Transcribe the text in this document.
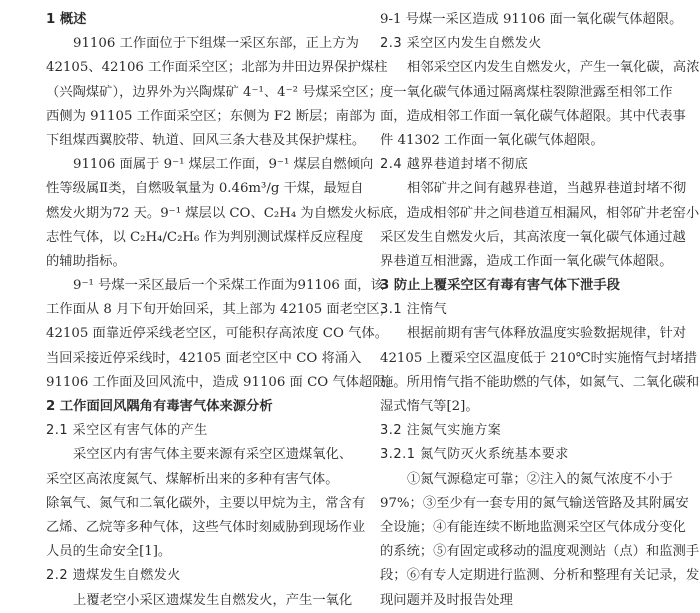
1 概述
91106 工作面位于下组煤一采区东部，正上方为
42105、42106 工作面采空区；北部为井田边界保护煤柱
（兴陶煤矿），边界外为兴陶煤矿 4⁻¹、4⁻² 号煤采空区；
西侧为 91105 工作面采空区；东侧为 F2 断层；南部为
下组煤西翼胶带、轨道、回风三条大巷及其保护煤柱。
91106 面属于 9⁻¹ 煤层工作面，9⁻¹ 煤层自燃倾向
性等级属Ⅱ类，自燃吸氧量为 0.46m³/g 干煤，最短自
燃发火期为72 天。9⁻¹ 煤层以 CO、C₂H₄ 为自燃发火标
志性气体，以 C₂H₄/C₂H₆ 作为判别测试煤样反应程度
的辅助指标。
9⁻¹ 号煤一采区最后一个采煤工作面为91106 面，该
工作面从 8 月下旬开始回采，其上部为 42105 面老空区，
42105 面靠近停采线老空区，可能积存高浓度 CO 气体。
当回采接近停采线时，42105 面老空区中 CO 将涌入
91106 工作面及回风流中，造成 91106 面 CO 气体超限。
2 工作面回风隅角有毒害气体来源分析
2.1 采空区有害气体的产生
采空区内有害气体主要来源有采空区遗煤氧化、
采空区高浓度氮气、煤解析出来的多种有害气体。
除氧气、氮气和二氧化碳外，主要以甲烷为主，常含有
乙烯、乙烷等多种气体，这些气体时刻威胁到现场作业
人员的生命安全[1]。
2.2 遗煤发生自燃发火
上覆老空小采区遗煤发生自燃发火，产生一氧化
9-1 号煤一采区造成 91106 面一氧化碳气体超限。
2.3 采空区内发生自燃发火
相邻采空区内发生自燃发火，产生一氧化碳，高浓
度一氧化碳气体通过隔离煤柱裂隙泄露至相邻工作
面，造成相邻工作面一氧化碳气体超限。其中代表事
件 41302 工作面一氧化碳气体超限。
2.4 越界巷道封堵不彻底
相邻矿井之间有越界巷道，当越界巷道封堵不彻
底，造成相邻矿井之间巷道互相漏风，相邻矿井老窑小
采区发生自燃发火后，其高浓度一氧化碳气体通过越
界巷道互相泄露，造成工作面一氧化碳气体超限。
3 防止上覆采空区有毒有害气体下泄手段
3.1 注惰气
根据前期有害气体释放温度实验数据规律，针对
42105 上覆采空区温度低于 210℃时实施惰气封堵措
施。所用惰气指不能助燃的气体，如氮气、二氧化碳和
湿式惰气等[2]。
3.2 注氮气实施方案
3.2.1 氮气防灭火系统基本要求
①氮气源稳定可靠；②注入的氮气浓度不小于
97%；③至少有一套专用的氮气输送管路及其附属安
全设施；④有能连续不断地监测采空区气体成分变化
的系统；⑤有固定或移动的温度观测站（点）和监测手
段；⑥有专人定期进行监测、分析和整理有关记录，发
现问题并及时报告处理
